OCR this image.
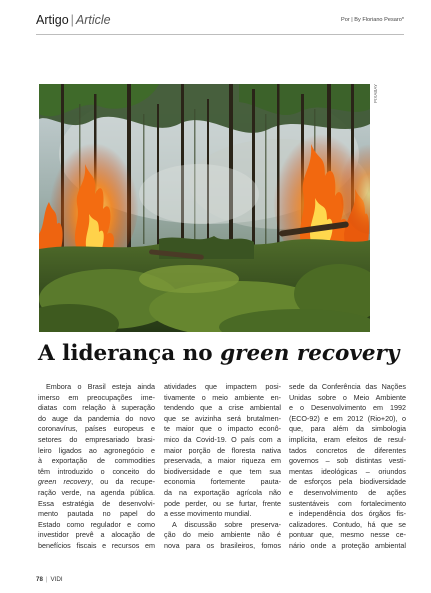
Artigo | Article	Por | By Floriano Pesaro*
PIXABAY
A liderança no green recovery
Embora o Brasil esteja ainda
imerso em preocupações ime-
diatas com relação à superação
do auge da pandemia do novo
coronavírus, países europeus e
setores do empresariado brasi-
leiro ligados ao agronegócio e
à exportação de commodities
têm introduzido o conceito do
green recovery, ou da recupe-
ração verde, na agenda pública.
Essa estratégia de desenvolvi-
mento pautada no papel do
Estado como regulador e como
investidor prevê a alocação de
benefícios fiscais e recursos em
atividades que impactem posi-
tivamente o meio ambiente en-
tendendo que a crise ambiental
que se avizinha será brutalmen-
te maior que o impacto econô-
mico da Covid-19. O país com a
maior porção de floresta nativa
preservada, a maior riqueza em
biodiversidade e que tem sua
economia fortemente pauta-
da na exportação agrícola não
pode perder, ou se furtar, frente
a esse movimento mundial.
A discussão sobre preserva-
ção do meio ambiente não é
nova para os brasileiros, fomos
sede da Conferência das Nações
Unidas sobre o Meio Ambiente
e o Desenvolvimento em 1992
(ECO-92) e em 2012 (Rio+20), o
que, para além da simbologia
implícita, eram efeitos de resul-
tados concretos de diferentes
governos – sob distintas vesti-
mentas ideológicas – oriundos
de esforços pela biodiversidade
e desenvolvimento de ações
sustentáveis com fortalecimento
e independência dos órgãos fis-
calizadores. Contudo, há que se
pontuar que, mesmo nesse ce-
nário onde a proteção ambiental
78 | VIDI
